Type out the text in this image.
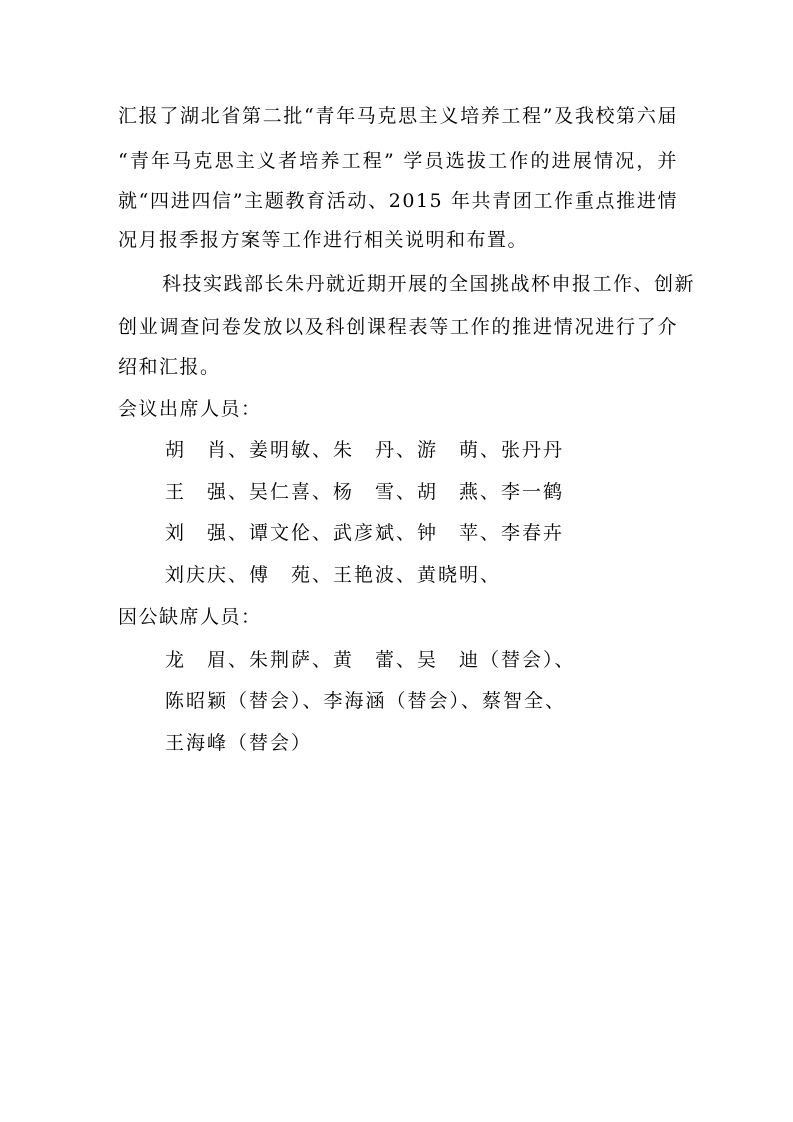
汇报了湖北省第二批“青年马克思主义培养工程”及我校第六届
“青年马克思主义者培养工程” 学员选拔工作的进展情况，并
就“四进四信”主题教育活动、2015 年共青团工作重点推进情
况月报季报方案等工作进行相关说明和布置。
科技实践部长朱丹就近期开展的全国挑战杯申报工作、创新
创业调查问卷发放以及科创课程表等工作的推进情况进行了介
绍和汇报。
会议出席人员：
胡　肖、姜明敏、朱　丹、游　萌、张丹丹
王　强、吴仁喜、杨　雪、胡　燕、李一鹤
刘　强、谭文伦、武彦斌、钟　苹、李春卉
刘庆庆、傅　苑、王艳波、黄晓明、
因公缺席人员：
龙　眉、朱荆萨、黄　蕾、吴　迪（替会）、
陈昭颖（替会）、李海涵（替会）、蔡智全、
王海峰（替会）
